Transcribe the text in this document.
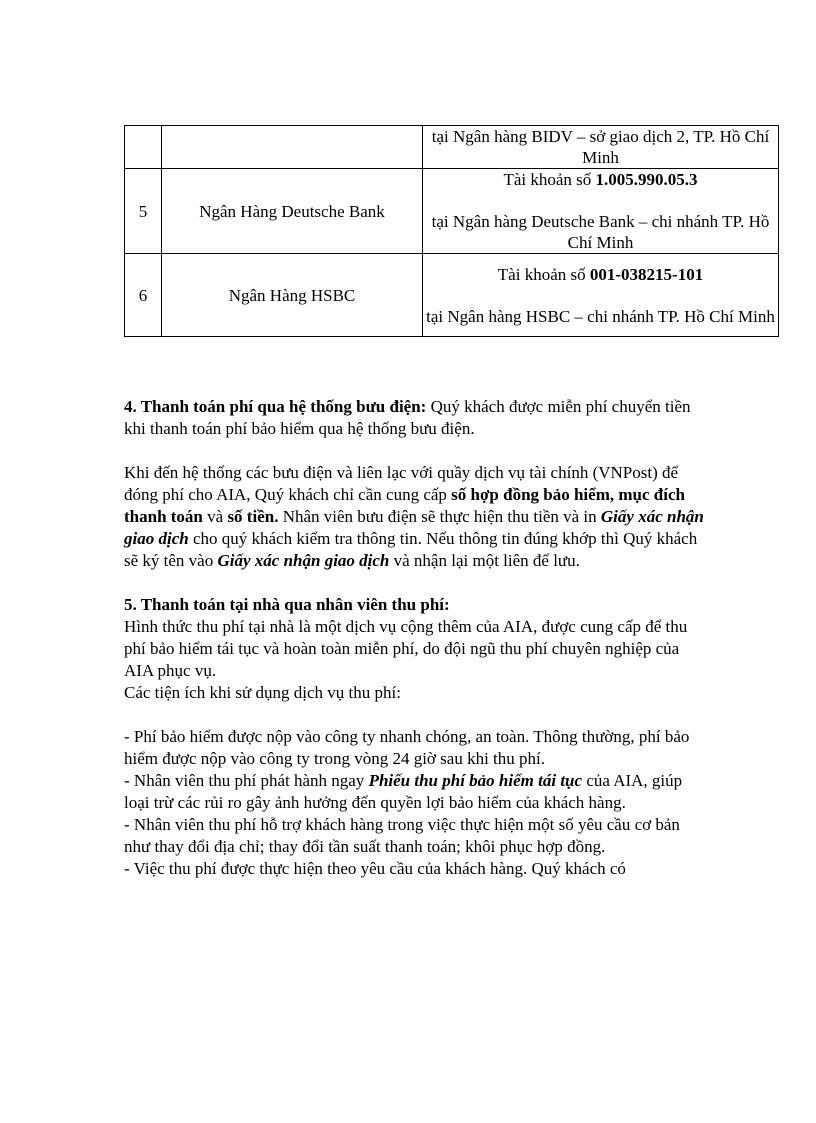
		tại Ngân hàng BIDV – sở giao dịch 2, TP. Hồ Chí Minh
5	Ngân Hàng Deutsche Bank	Tài khoản số 1.005.990.05.3
tại Ngân hàng Deutsche Bank – chi nhánh TP. Hồ Chí Minh

6	Ngân Hàng HSBC	Tài khoản số 001-038215-101
tại Ngân hàng HSBC – chi nhánh TP. Hồ Chí Minh

4. Thanh toán phí qua hệ thống bưu điện: Quý khách được miễn phí chuyển tiền khi thanh toán phí bảo hiểm qua hệ thống bưu điện.

Khi đến hệ thống các bưu điện và liên lạc với quầy dịch vụ tài chính (VNPost) để đóng phí cho AIA, Quý khách chỉ cần cung cấp số hợp đồng bảo hiểm, mục đích thanh toán và số tiền. Nhân viên bưu điện sẽ thực hiện thu tiền và in Giấy xác nhận giao dịch cho quý khách kiểm tra thông tin. Nếu thông tin đúng khớp thì Quý khách sẽ ký tên vào Giấy xác nhận giao dịch và nhận lại một liên để lưu.

5. Thanh toán tại nhà qua nhân viên thu phí:

Hình thức thu phí tại nhà là một dịch vụ cộng thêm của AIA, được cung cấp để thu phí bảo hiểm tái tục và hoàn toàn miễn phí, do đội ngũ thu phí chuyên nghiệp của AIA phục vụ.

Các tiện ích khi sử dụng dịch vụ thu phí:

- Phí bảo hiểm được nộp vào công ty nhanh chóng, an toàn. Thông thường, phí bảo hiểm được nộp vào công ty trong vòng 24 giờ sau khi thu phí.

- Nhân viên thu phí phát hành ngay Phiếu thu phí bảo hiểm tái tục của AIA, giúp loại trừ các rủi ro gây ảnh hưởng đến quyền lợi bảo hiểm của khách hàng.

- Nhân viên thu phí hỗ trợ khách hàng trong việc thực hiện một số yêu cầu cơ bản như thay đổi địa chỉ; thay đổi tần suất thanh toán; khôi phục hợp đồng.

- Việc thu phí được thực hiện theo yêu cầu của khách hàng. Quý khách có
